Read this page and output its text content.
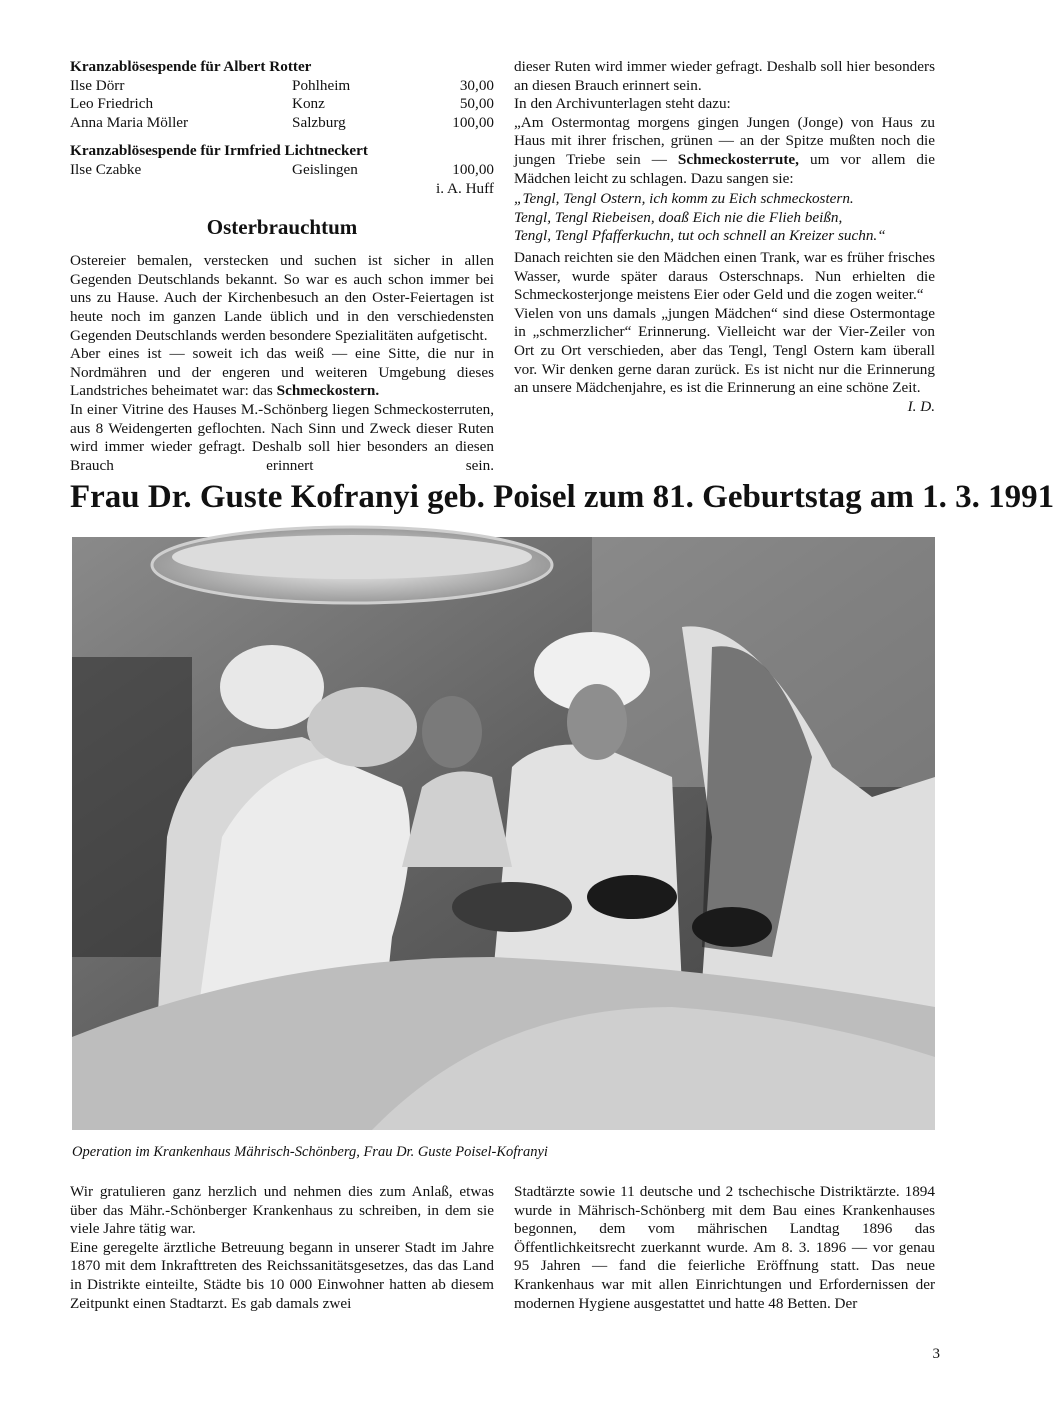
Kranzablösespende für Albert Rotter
Ilse Dörr	Pohlheim	30,00
Leo Friedrich	Konz	50,00
Anna Maria Möller	Salzburg	100,00
Kranzablösespende für Irmfried Lichtneckert
Ilse Czabke	Geislingen	100,00
i. A. Huff
Osterbrauchtum

Ostereier bemalen, verstecken und suchen ist sicher in allen Gegenden Deutschlands bekannt. So war es auch schon immer bei uns zu Hause. Auch der Kirchenbesuch an den Oster-Feiertagen ist heute noch im ganzen Lande üblich und in den verschiedensten Gegenden Deutschlands werden besondere Spezialitäten aufgetischt.

Aber eines ist — soweit ich das weiß — eine Sitte, die nur in Nordmähren und der engeren und weiteren Umgebung dieses Landstriches beheimatet war: das Schmeckostern.

In einer Vitrine des Hauses M.-Schönberg liegen Schmeckosterruten, aus 8 Weidengerten geflochten. Nach Sinn und Zweck dieser Ruten wird immer wieder gefragt. Deshalb soll hier besonders an diesen Brauch erinnert sein.

dieser Ruten wird immer wieder gefragt. Deshalb soll hier besonders an diesen Brauch erinnert sein.

In den Archivunterlagen steht dazu:

„Am Ostermontag morgens gingen Jungen (Jonge) von Haus zu Haus mit ihrer frischen, grünen — an der Spitze mußten noch die jungen Triebe sein — Schmeckosterrute, um vor allem die Mädchen leicht zu schlagen. Dazu sangen sie:

„Tengl, Tengl Ostern, ich komm zu Eich schmeckostern.

Tengl, Tengl Riebeisen, doaß Eich nie die Flieh beißn,

Tengl, Tengl Pfafferkuchn, tut och schnell an Kreizer suchn.“

Danach reichten sie den Mädchen einen Trank, war es früher frisches Wasser, wurde später daraus Osterschnaps. Nun erhielten die Schmeckosterjonge meistens Eier oder Geld und die zogen weiter.“

Vielen von uns damals „jungen Mädchen“ sind diese Ostermontage in „schmerzlicher“ Erinnerung. Vielleicht war der Vier-Zeiler von Ort zu Ort verschieden, aber das Tengl, Tengl Ostern kam überall vor. Wir denken gerne daran zurück. Es ist nicht nur die Erinnerung an unsere Mädchenjahre, es ist die Erinnerung an eine schöne Zeit.
I. D.

Frau Dr. Guste Kofranyi geb. Poisel zum 81. Geburtstag am 1. 3. 1991
Operation im Krankenhaus Mährisch-Schönberg, Frau Dr. Guste Poisel-Kofranyi

Wir gratulieren ganz herzlich und nehmen dies zum Anlaß, etwas über das Mähr.-Schönberger Krankenhaus zu schreiben, in dem sie viele Jahre tätig war.

Eine geregelte ärztliche Betreuung begann in unserer Stadt im Jahre 1870 mit dem Inkrafttreten des Reichssanitätsgesetzes, das das Land in Distrikte einteilte, Städte bis 10 000 Einwohner hatten ab diesem Zeitpunkt einen Stadtarzt. Es gab damals zwei

Stadtärzte sowie 11 deutsche und 2 tschechische Distriktärzte. 1894 wurde in Mährisch-Schönberg mit dem Bau eines Krankenhauses begonnen, dem vom mährischen Landtag 1896 das Öffentlichkeitsrecht zuerkannt wurde. Am 8. 3. 1896 — vor genau 95 Jahren — fand die feierliche Eröffnung statt. Das neue Krankenhaus war mit allen Einrichtungen und Erfordernissen der modernen Hygiene ausgestattet und hatte 48 Betten. Der

3
